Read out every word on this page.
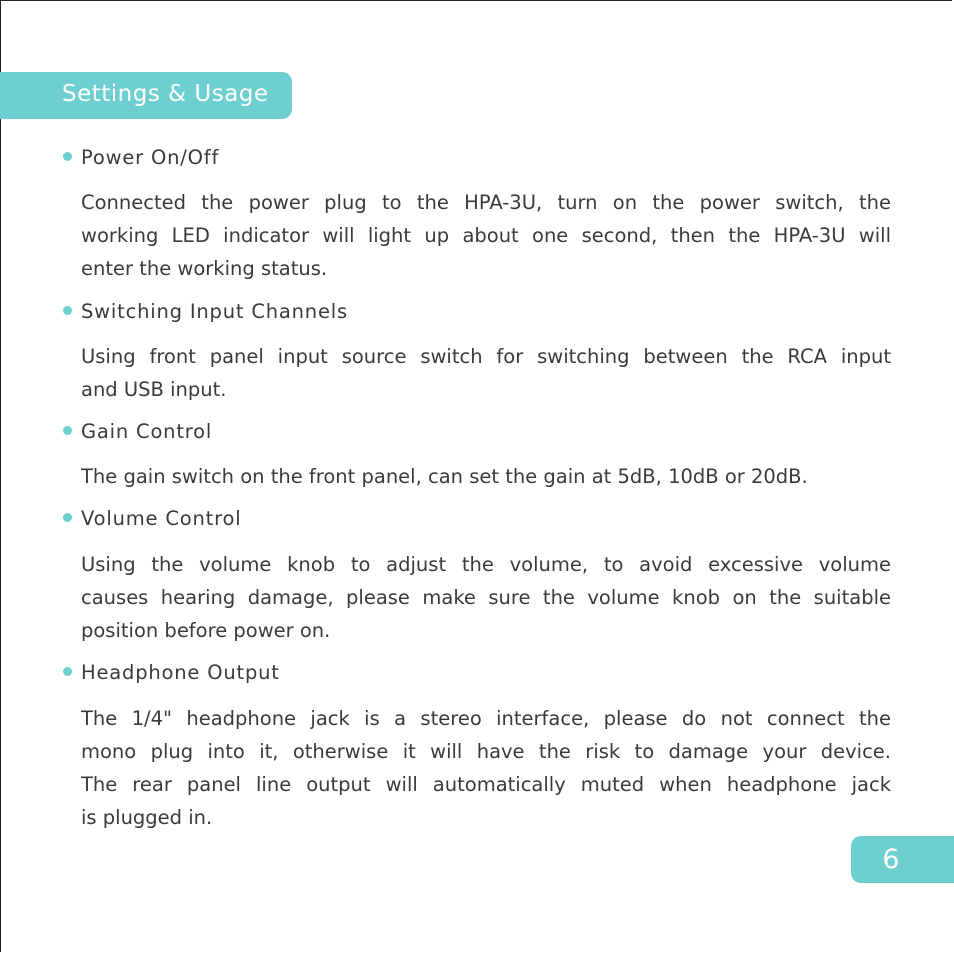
Settings & Usage
Power On/Off
Connected the power plug to the HPA-3U, turn on the power switch, the
working LED indicator will light up about one second, then the HPA-3U will
enter the working status.
Switching Input Channels
Using front panel input source switch for switching between the RCA input
and USB input.
Gain Control
The gain switch on the front panel, can set the gain at 5dB, 10dB or 20dB.
Volume Control
Using the volume knob to adjust the volume, to avoid excessive volume
causes hearing damage, please make sure the volume knob on the suitable
position before power on.
Headphone Output
The 1/4" headphone jack is a stereo interface, please do not connect the
mono plug into it, otherwise it will have the risk to damage your device.
The rear panel line output will automatically muted when headphone jack
is plugged in.
6
